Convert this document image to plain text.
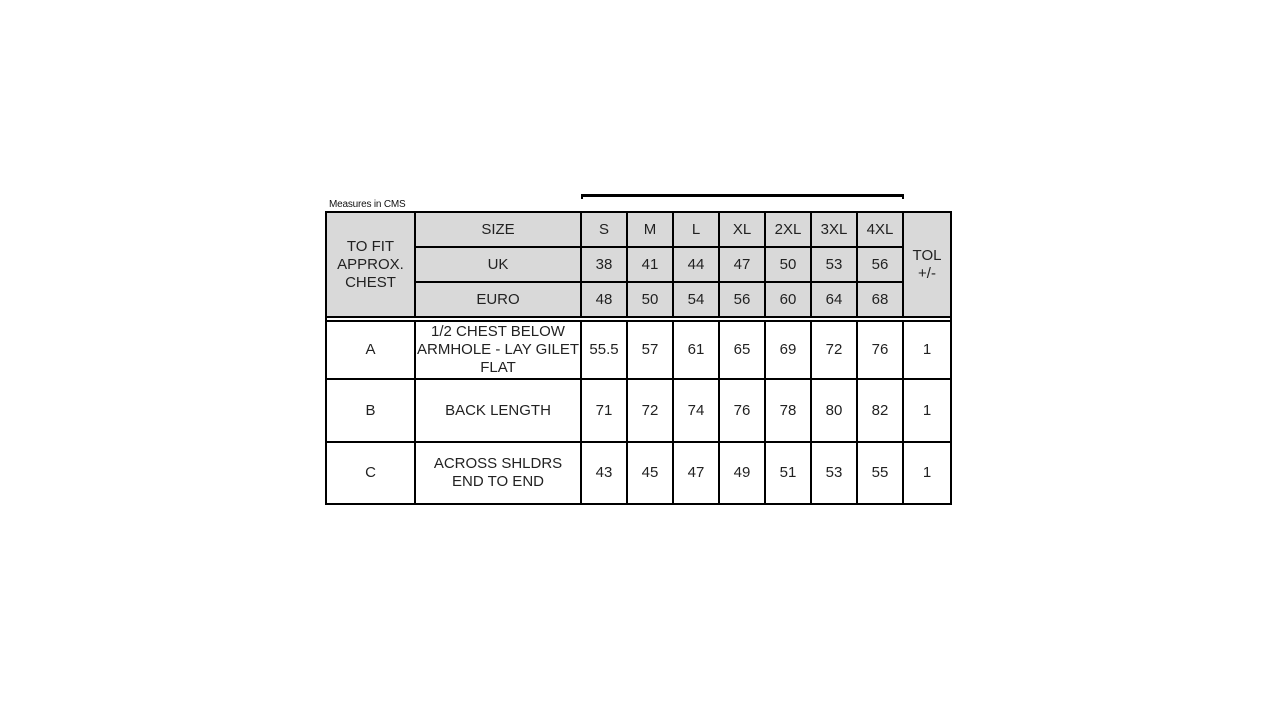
Measures in CMS
TO FIT APPROX. CHEST	SIZE	S	M	L	XL	2XL	3XL	4XL	TOL +/-
	UK	38	41	44	47	50	53	56	
	EURO	48	50	54	56	60	64	68	

A	1/2 CHEST BELOW ARMHOLE - LAY GILET FLAT	55.5	57	61	65	69	72	76	1
B	BACK LENGTH	71	72	74	76	78	80	82	1
C	ACROSS SHLDRS END TO END	43	45	47	49	51	53	55	1
